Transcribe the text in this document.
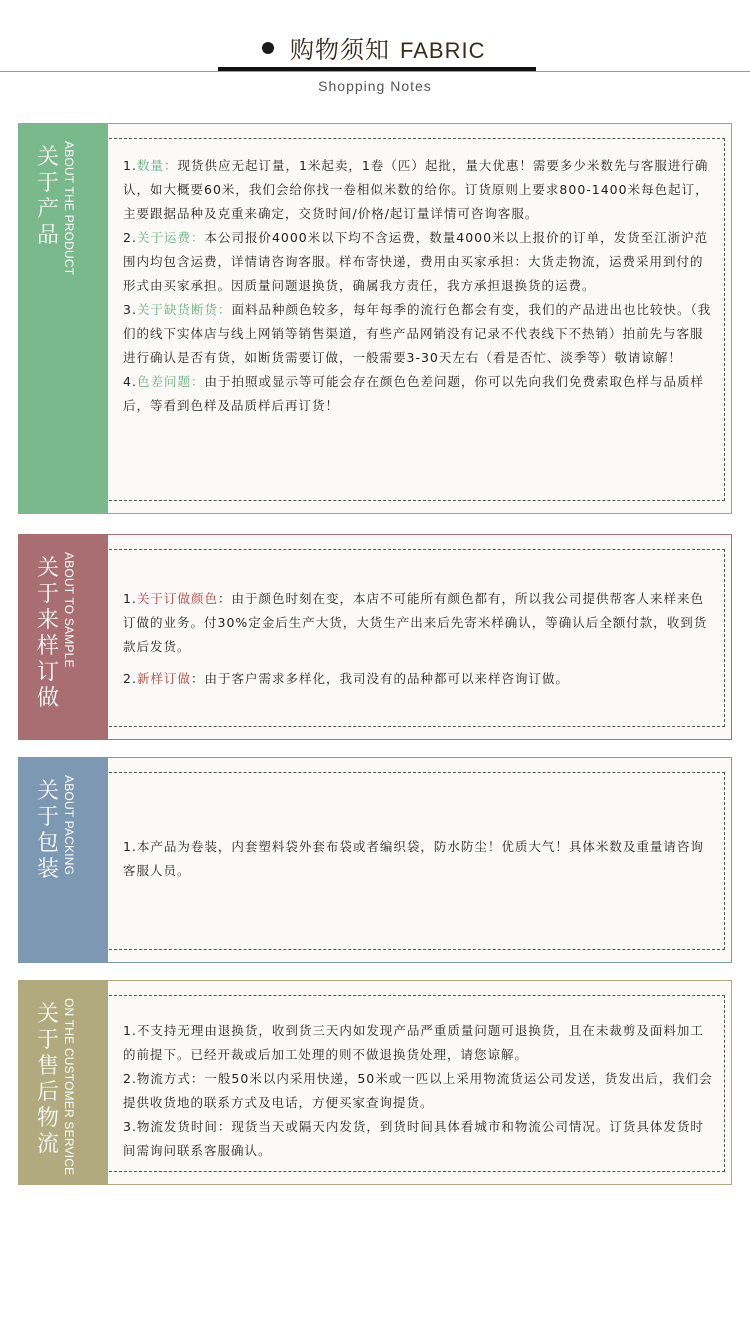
购物须知 FABRIC
Shopping Notes
关
于
产
品 ABOUT THE PRODUCT	1.数量：现货供应无起订量，1米起卖，1卷（匹）起批，量大优惠！需要多少米数先与客服进行确认，如大概要60米，我们会给你找一卷相似米数的给你。订货原则上要求800-1400米每色起订，主要跟据品种及克重来确定，交货时间/价格/起订量详情可咨询客服。

2.关于运费：本公司报价4000米以下均不含运费，数量4000米以上报价的订单，发货至江浙沪范围内均包含运费，详情请咨询客服。样布寄快递，费用由买家承担：大货走物流，运费采用到付的形式由买家承担。因质量问题退换货，确属我方责任，我方承担退换货的运费。

3.关于缺货断货：面料品种颜色较多，每年每季的流行色都会有变，我们的产品进出也比较快。（我们的线下实体店与线上网销等销售渠道，有些产品网销没有记录不代表线下不热销）拍前先与客服进行确认是否有货，如断货需要订做，一般需要3-30天左右（看是否忙、淡季等）敬请谅解！

4.色差问题：由于拍照或显示等可能会存在颜色色差问题，你可以先向我们免费索取色样与品质样后，等看到色样及品质样后再订货！

关
于
来
样
订
做
ABOUT TO SAMPLE	1.关于订做颜色：由于颜色时刻在变，本店不可能所有颜色都有，所以我公司提供帮客人来样来色订做的业务。付30%定金后生产大货，大货生产出来后先寄米样确认，等确认后全额付款，收到货款后发货。

2.新样订做：由于客户需求多样化，我司没有的品种都可以来样咨询订做。

关
于
包
装 ABOUT PACKING	1.本产品为卷装，内套塑料袋外套布袋或者编织袋，防水防尘！优质大气！具体米数及重量请咨询客服人员。

关
于
售
后
物
流 ON THE CUSTOMER SERVICE	1.不支持无理由退换货，收到货三天内如发现产品严重质量问题可退换货，且在未裁剪及面料加工的前提下。已经开裁或后加工处理的则不做退换货处理，请您谅解。

2.物流方式：一般50米以内采用快递，50米或一匹以上采用物流货运公司发送，货发出后，我们会提供收货地的联系方式及电话，方便买家查询提货。

3.物流发货时间：现货当天或隔天内发货，到货时间具体看城市和物流公司情况。订货具体发货时间需询问联系客服确认。
